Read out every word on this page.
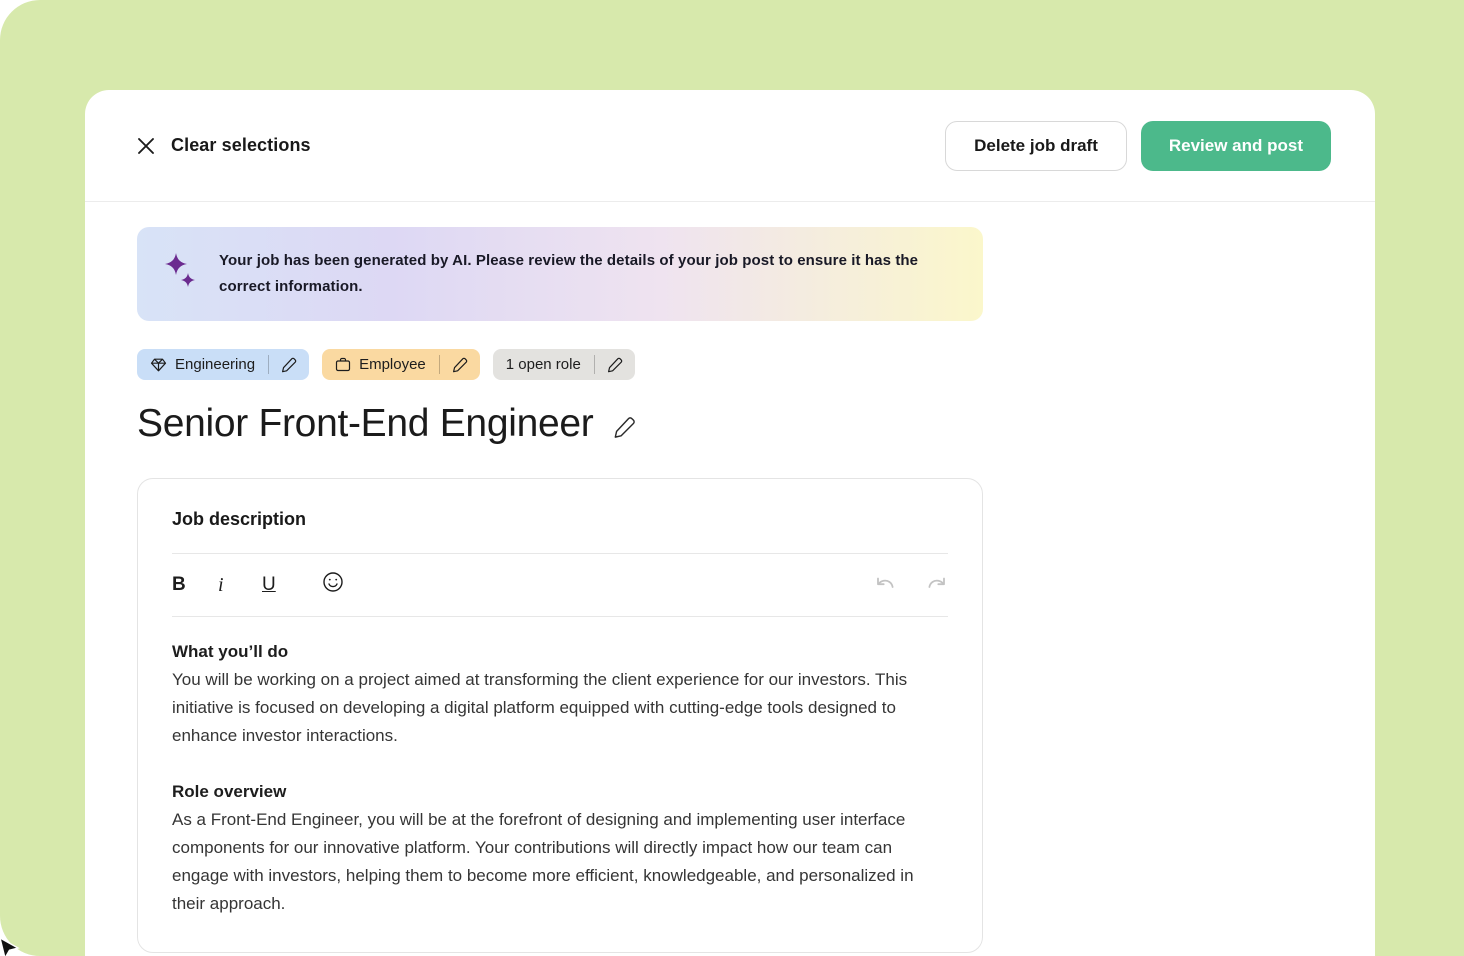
Clear selections	Delete job draft	Review and post
Your job has been generated by AI. Please review the details of your job post to ensure it has the correct information.
Engineering	Employee	1 open role
Senior Front-End Engineer
Job description
B	i	U
What you’ll do

You will be working on a project aimed at transforming the client experience for our investors. This initiative is focused on developing a digital platform equipped with cutting-edge tools designed to enhance investor interactions.

Role overview

As a Front-End Engineer, you will be at the forefront of designing and implementing user interface components for our innovative platform. Your contributions will directly impact how our team can engage with investors, helping them to become more efficient, knowledgeable, and personalized in their approach.
